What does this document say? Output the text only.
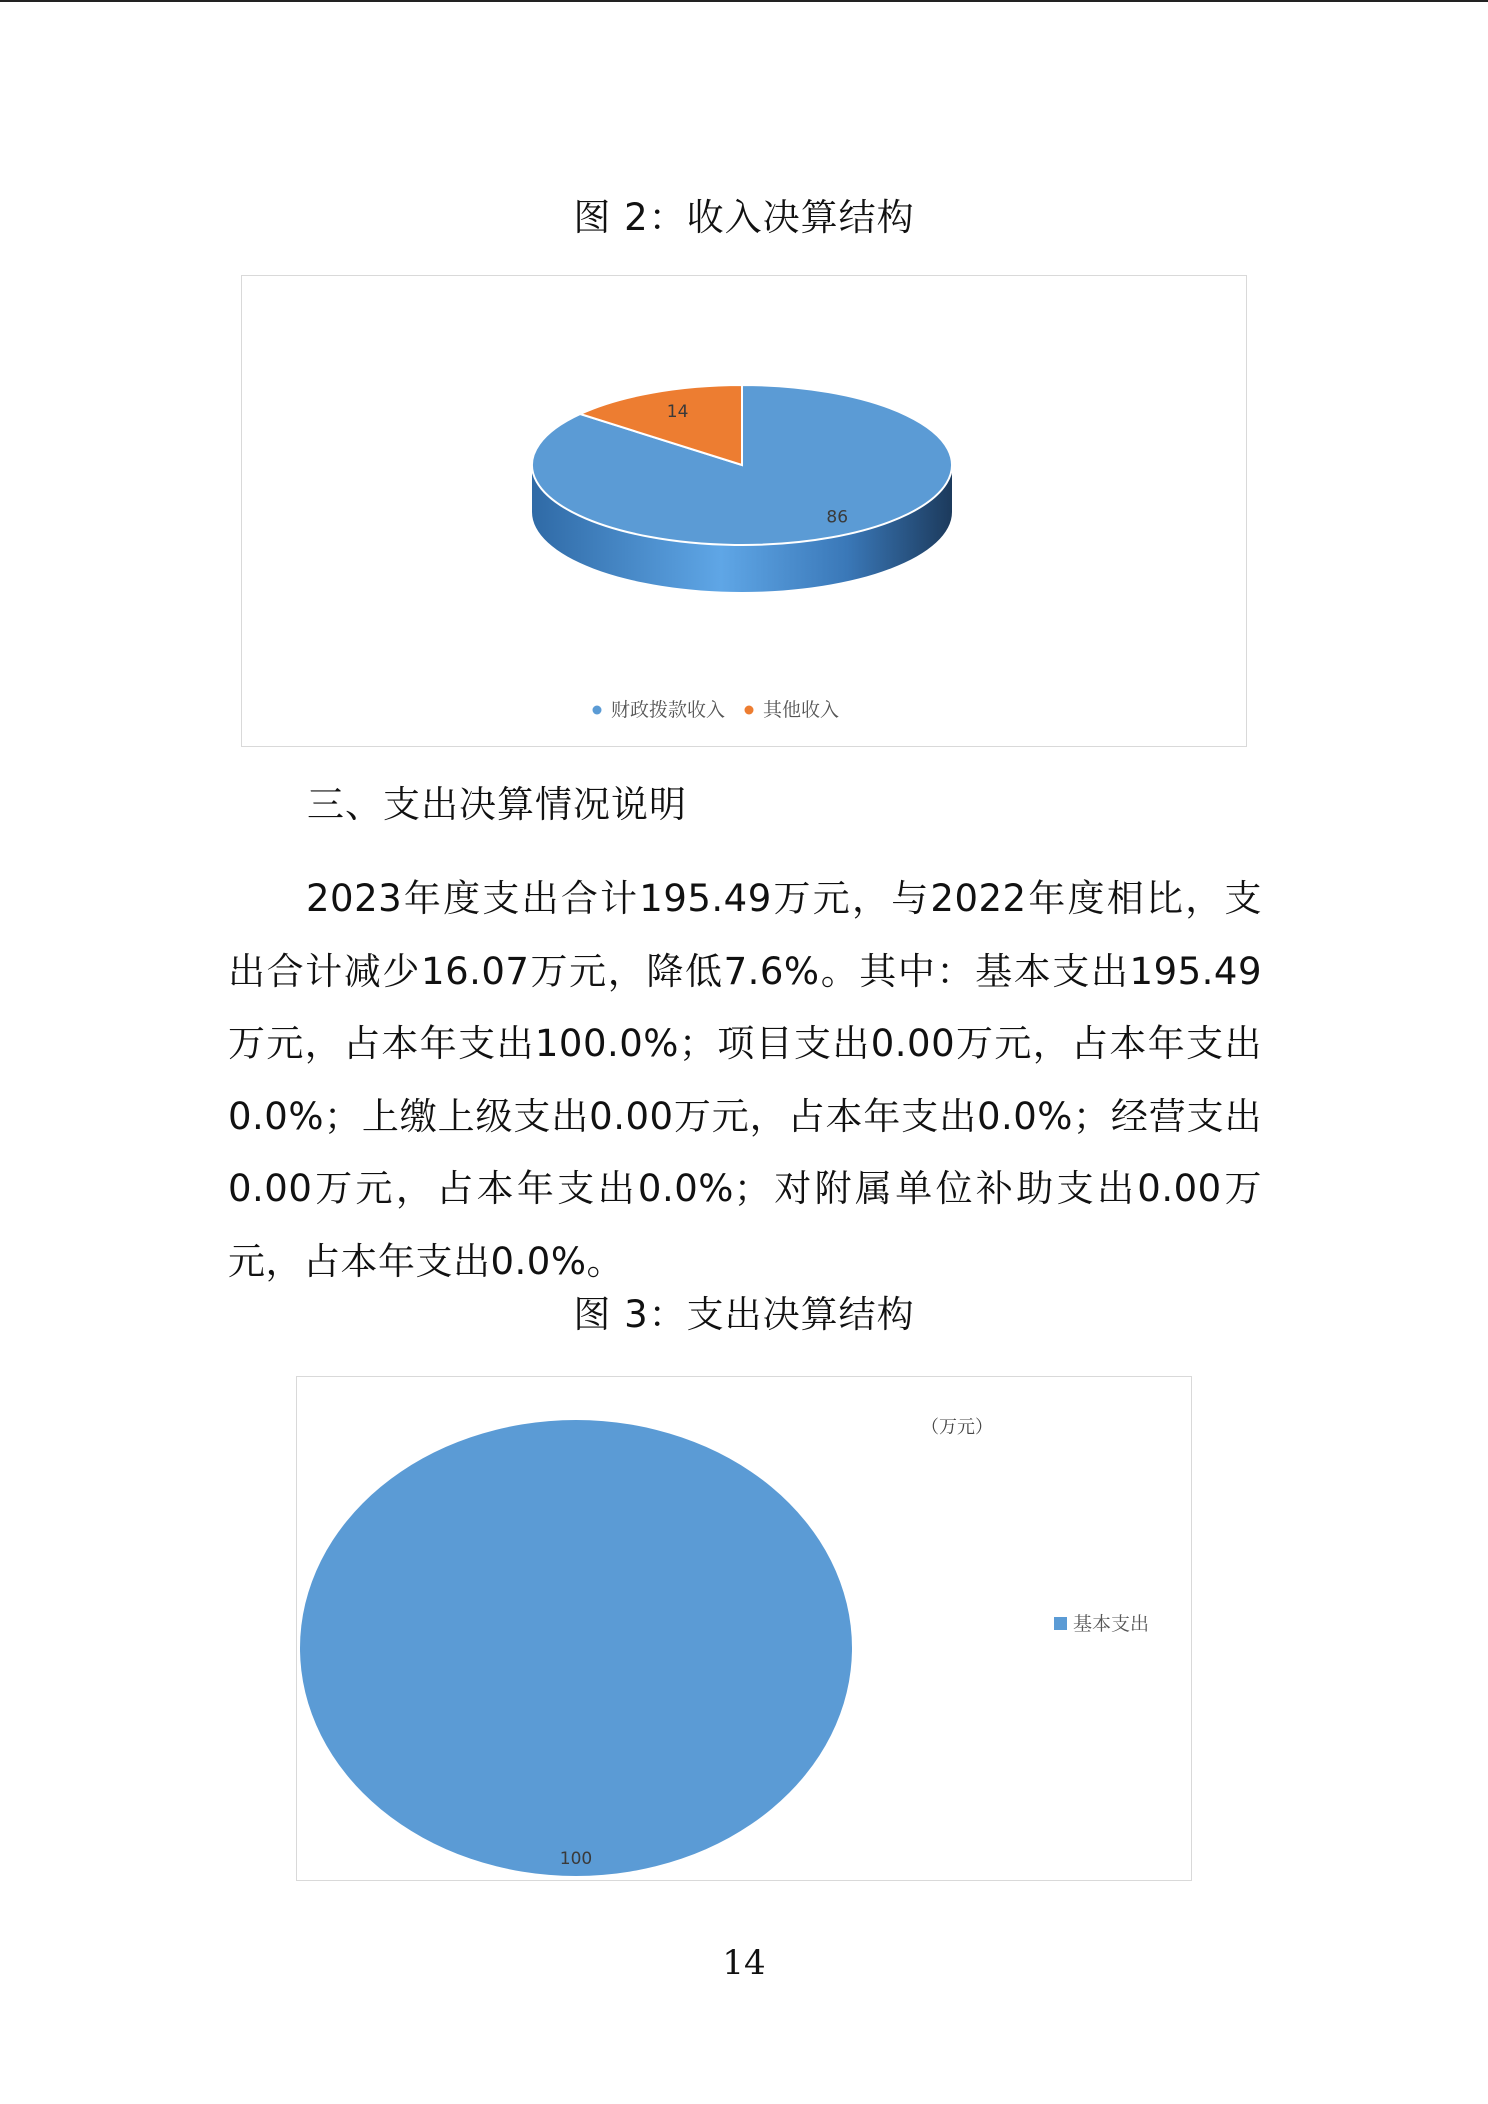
图 2：收入决算结构
86
14
财政拨款收入 其他收入
三、支出决算情况说明
2023年度支出合计195.49万元，与2022年度相比，支出合计减少16.07万元，降低7.6%。其中：基本支出195.49万元，占本年支出100.0%；项目支出0.00万元，占本年支出0.0%；上缴上级支出0.00万元，占本年支出0.0%；经营支出0.00万元，占本年支出0.0%；对附属单位补助支出0.00万元，占本年支出0.0%。
图 3：支出决算结构
（万元）
基本支出
100
14
